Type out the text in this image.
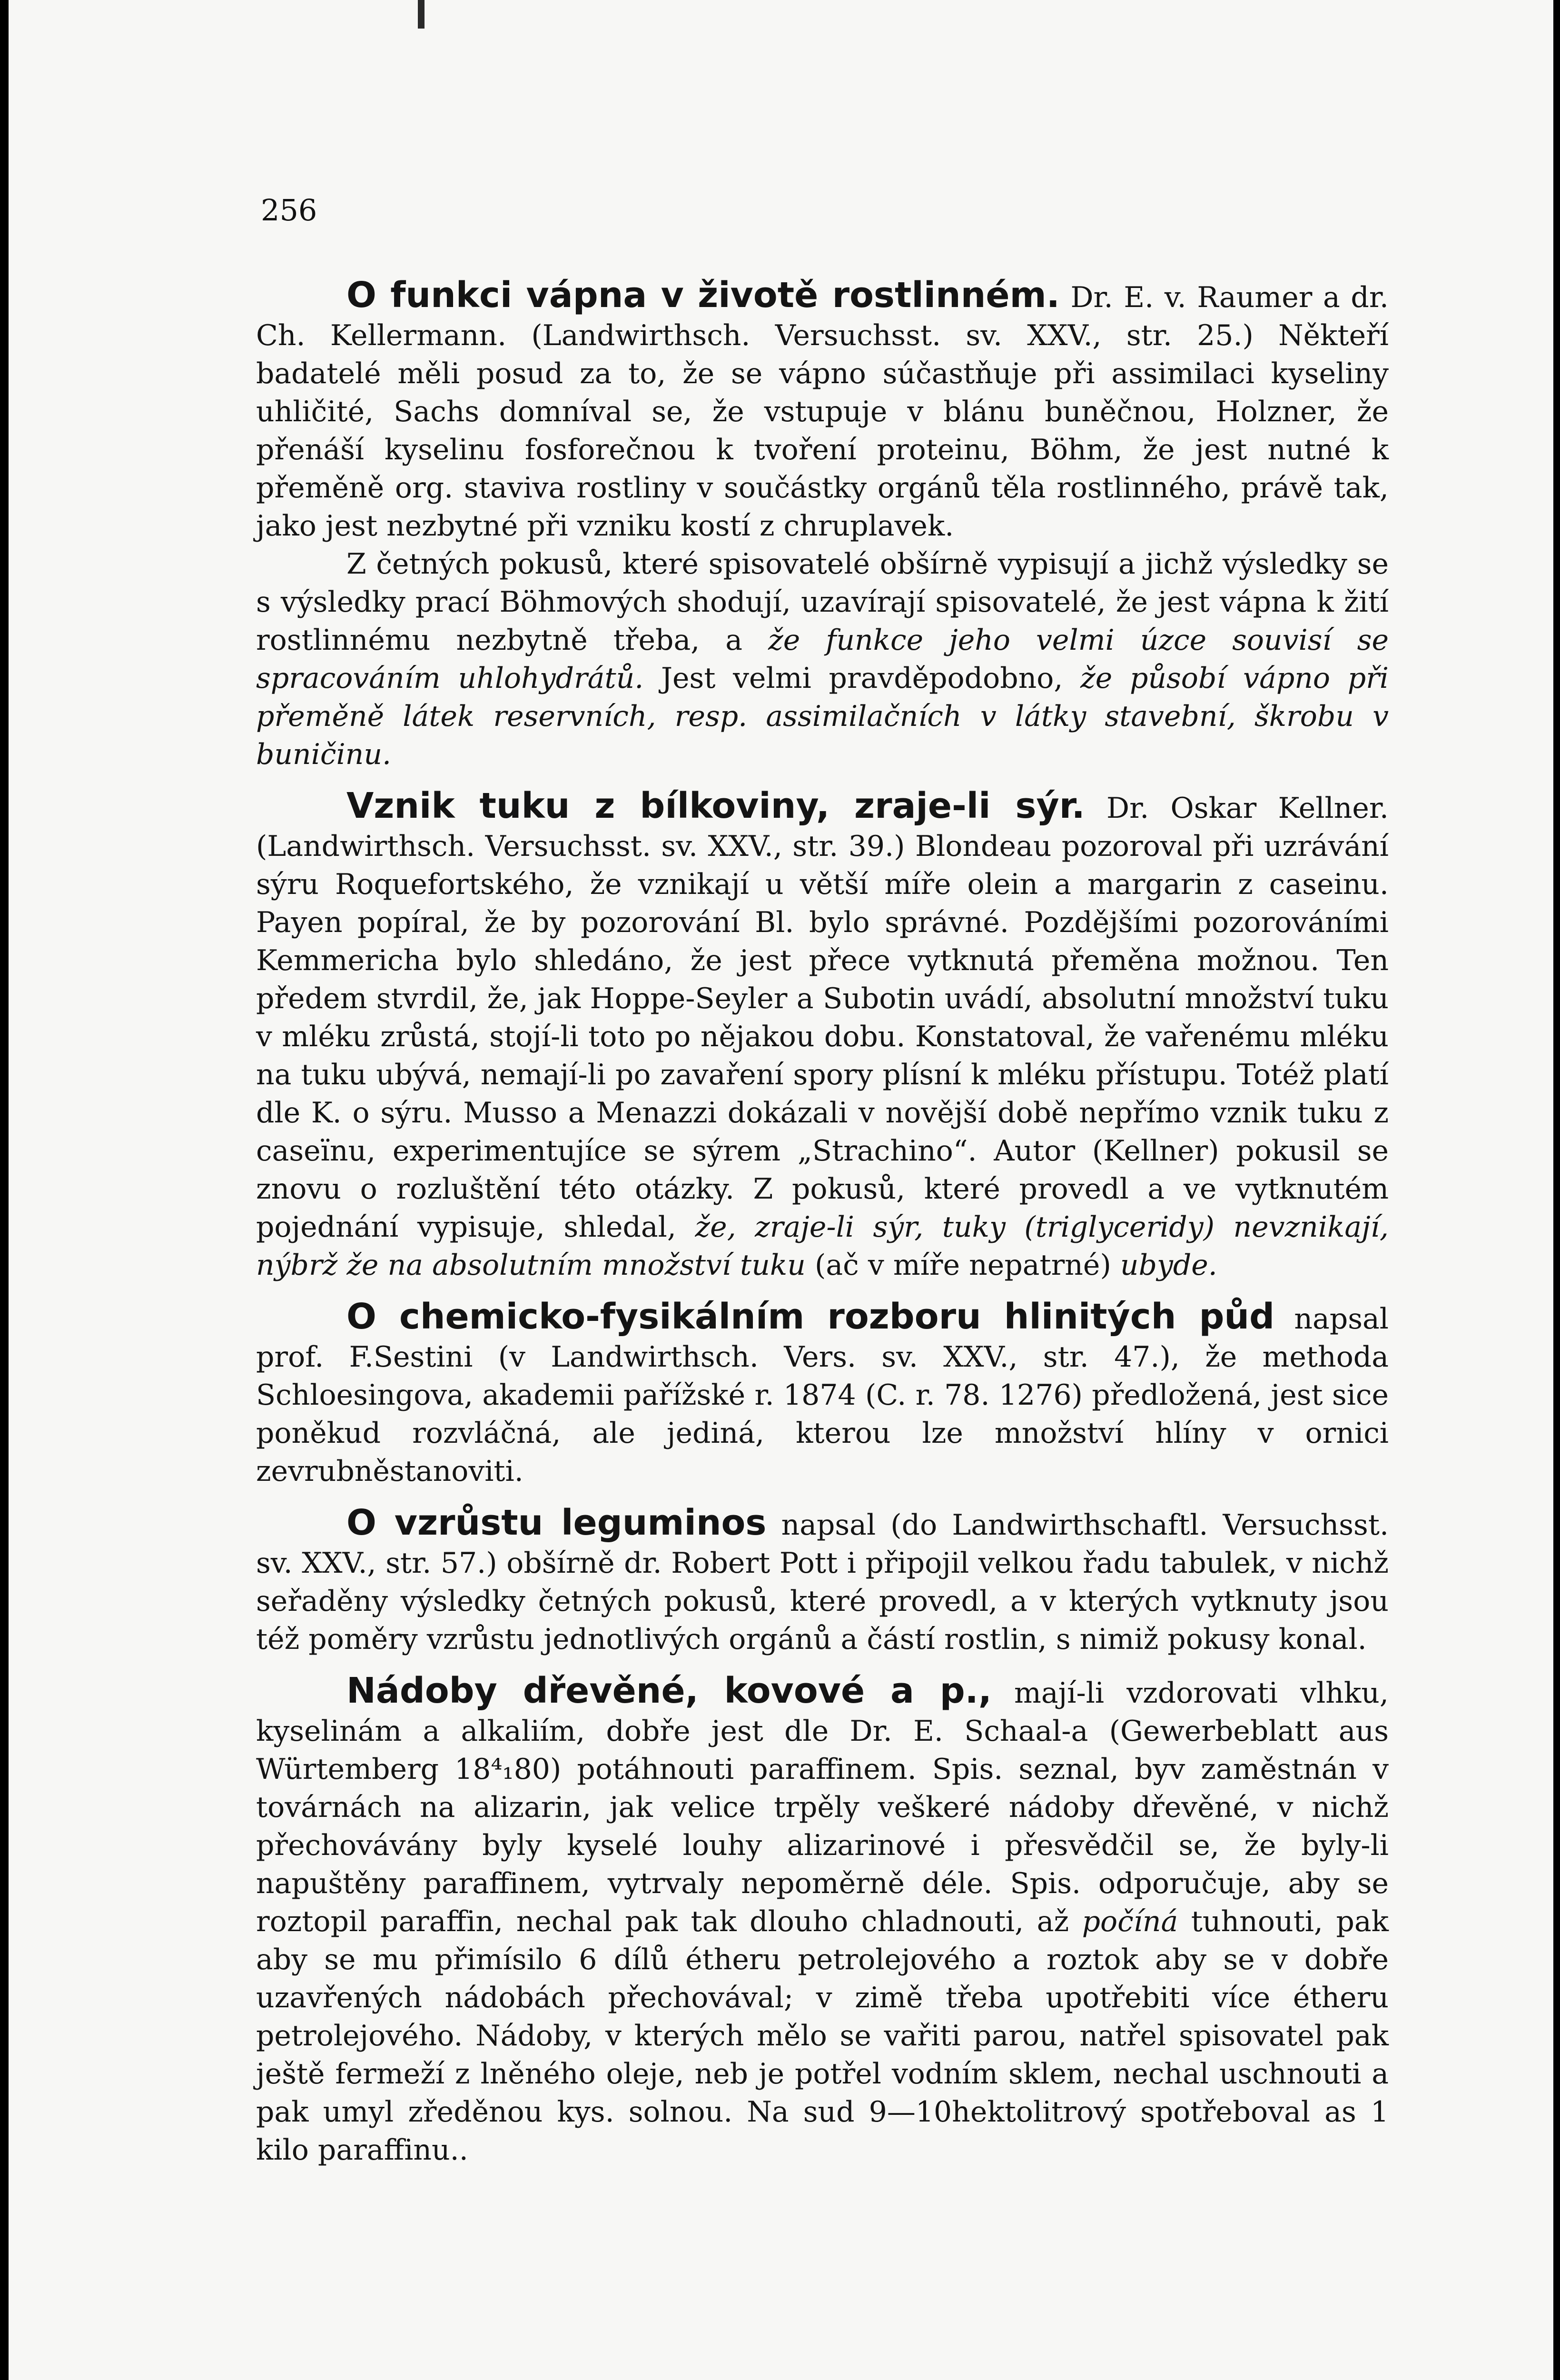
256

O funkci vápna v životě rostlinném. Dr. E. v. Raumer a dr. Ch. Kellermann. (Landwirthsch. Versuchsst. sv. XXV., str. 25.) Někteří badatelé měli posud za to, že se vápno súčastňuje při assimilaci kyseliny uhličité, Sachs domníval se, že vstupuje v blánu buněčnou, Holzner, že přenáší kyselinu fosforečnou k tvoření proteinu, Böhm, že jest nutné k přeměně org. staviva rostliny v součástky orgánů těla rostlinného, právě tak, jako jest nezbytné při vzniku kostí z chruplavek.

Z četných pokusů, které spisovatelé obšírně vypisují a jichž výsledky se s výsledky prací Böhmových shodují, uzavírají spisovatelé, že jest vápna k žití rostlinnému nezbytně třeba, a že funkce jeho velmi úzce souvisí se spracováním uhlohydrátů. Jest velmi pravděpodobno, že působí vápno při přeměně látek reservních, resp. assimilačních v látky stavební, škrobu v buničinu.

Vznik tuku z bílkoviny, zraje-li sýr. Dr. Oskar Kellner. (Landwirthsch. Versuchsst. sv. XXV., str. 39.) Blondeau pozoroval při uzrávání sýru Roquefortského, že vznikají u větší míře olein a margarin z caseinu. Payen popíral, že by pozorování Bl. bylo správné. Pozdějšími pozorováními Kemmericha bylo shledáno, že jest přece vytknutá přeměna možnou. Ten předem stvrdil, že, jak Hoppe-Seyler a Subotin uvádí, absolutní množství tuku v mléku zrůstá, stojí-li toto po nějakou dobu. Konstatoval, že vařenému mléku na tuku ubývá, nemají-li po zavaření spory plísní k mléku přístupu. Totéž platí dle K. o sýru. Musso a Menazzi dokázali v novější době nepřímo vznik tuku z caseïnu, experimentujíce se sýrem „Strachino“. Autor (Kellner) pokusil se znovu o rozluštění této otázky. Z pokusů, které provedl a ve vytknutém pojednání vypisuje, shledal, že, zraje-li sýr, tuky (triglyceridy) nevznikají, nýbrž že na absolutním množství tuku (ač v míře nepatrné) ubyde.

O chemicko-fysikálním rozboru hlinitých půd napsal prof. F.Sestini (v Landwirthsch. Vers. sv. XXV., str. 47.), že methoda Schloesingova, akademii pařížské r. 1874 (C. r. 78. 1276) předložená, jest sice poněkud rozvláčná, ale jediná, kterou lze množství hlíny v ornici zevrubněstanoviti.

O vzrůstu leguminos napsal (do Landwirthschaftl. Versuchsst. sv. XXV., str. 57.) obšírně dr. Robert Pott i připojil velkou řadu tabulek, v nichž seřaděny výsledky četných pokusů, které provedl, a v kterých vytknuty jsou též poměry vzrůstu jednotlivých orgánů a částí rostlin, s nimiž pokusy konal.

Nádoby dřevěné, kovové a p., mají-li vzdorovati vlhku, kyselinám a alkaliím, dobře jest dle Dr. E. Schaal-a (Gewerbeblatt aus Würtemberg 18⁴₁80) potáhnouti paraffinem. Spis. seznal, byv zaměstnán v továrnách na alizarin, jak velice trpěly veškeré nádoby dřevěné, v nichž přechovávány byly kyselé louhy alizarinové i přesvědčil se, že byly-li napuštěny paraffinem, vytrvaly nepoměrně déle. Spis. odporučuje, aby se roztopil paraffin, nechal pak tak dlouho chladnouti, až počíná tuhnouti, pak aby se mu přimísilo 6 dílů étheru petrolejového a roztok aby se v dobře uzavřených nádobách přechovával; v zimě třeba upotřebiti více étheru petrolejového. Nádoby, v kterých mělo se vařiti parou, natřel spisovatel pak ještě fermeží z lněného oleje, neb je potřel vodním sklem, nechal uschnouti a pak umyl zředěnou kys. solnou. Na sud 9—10hektolitrový spotřeboval as 1 kilo paraffinu..
